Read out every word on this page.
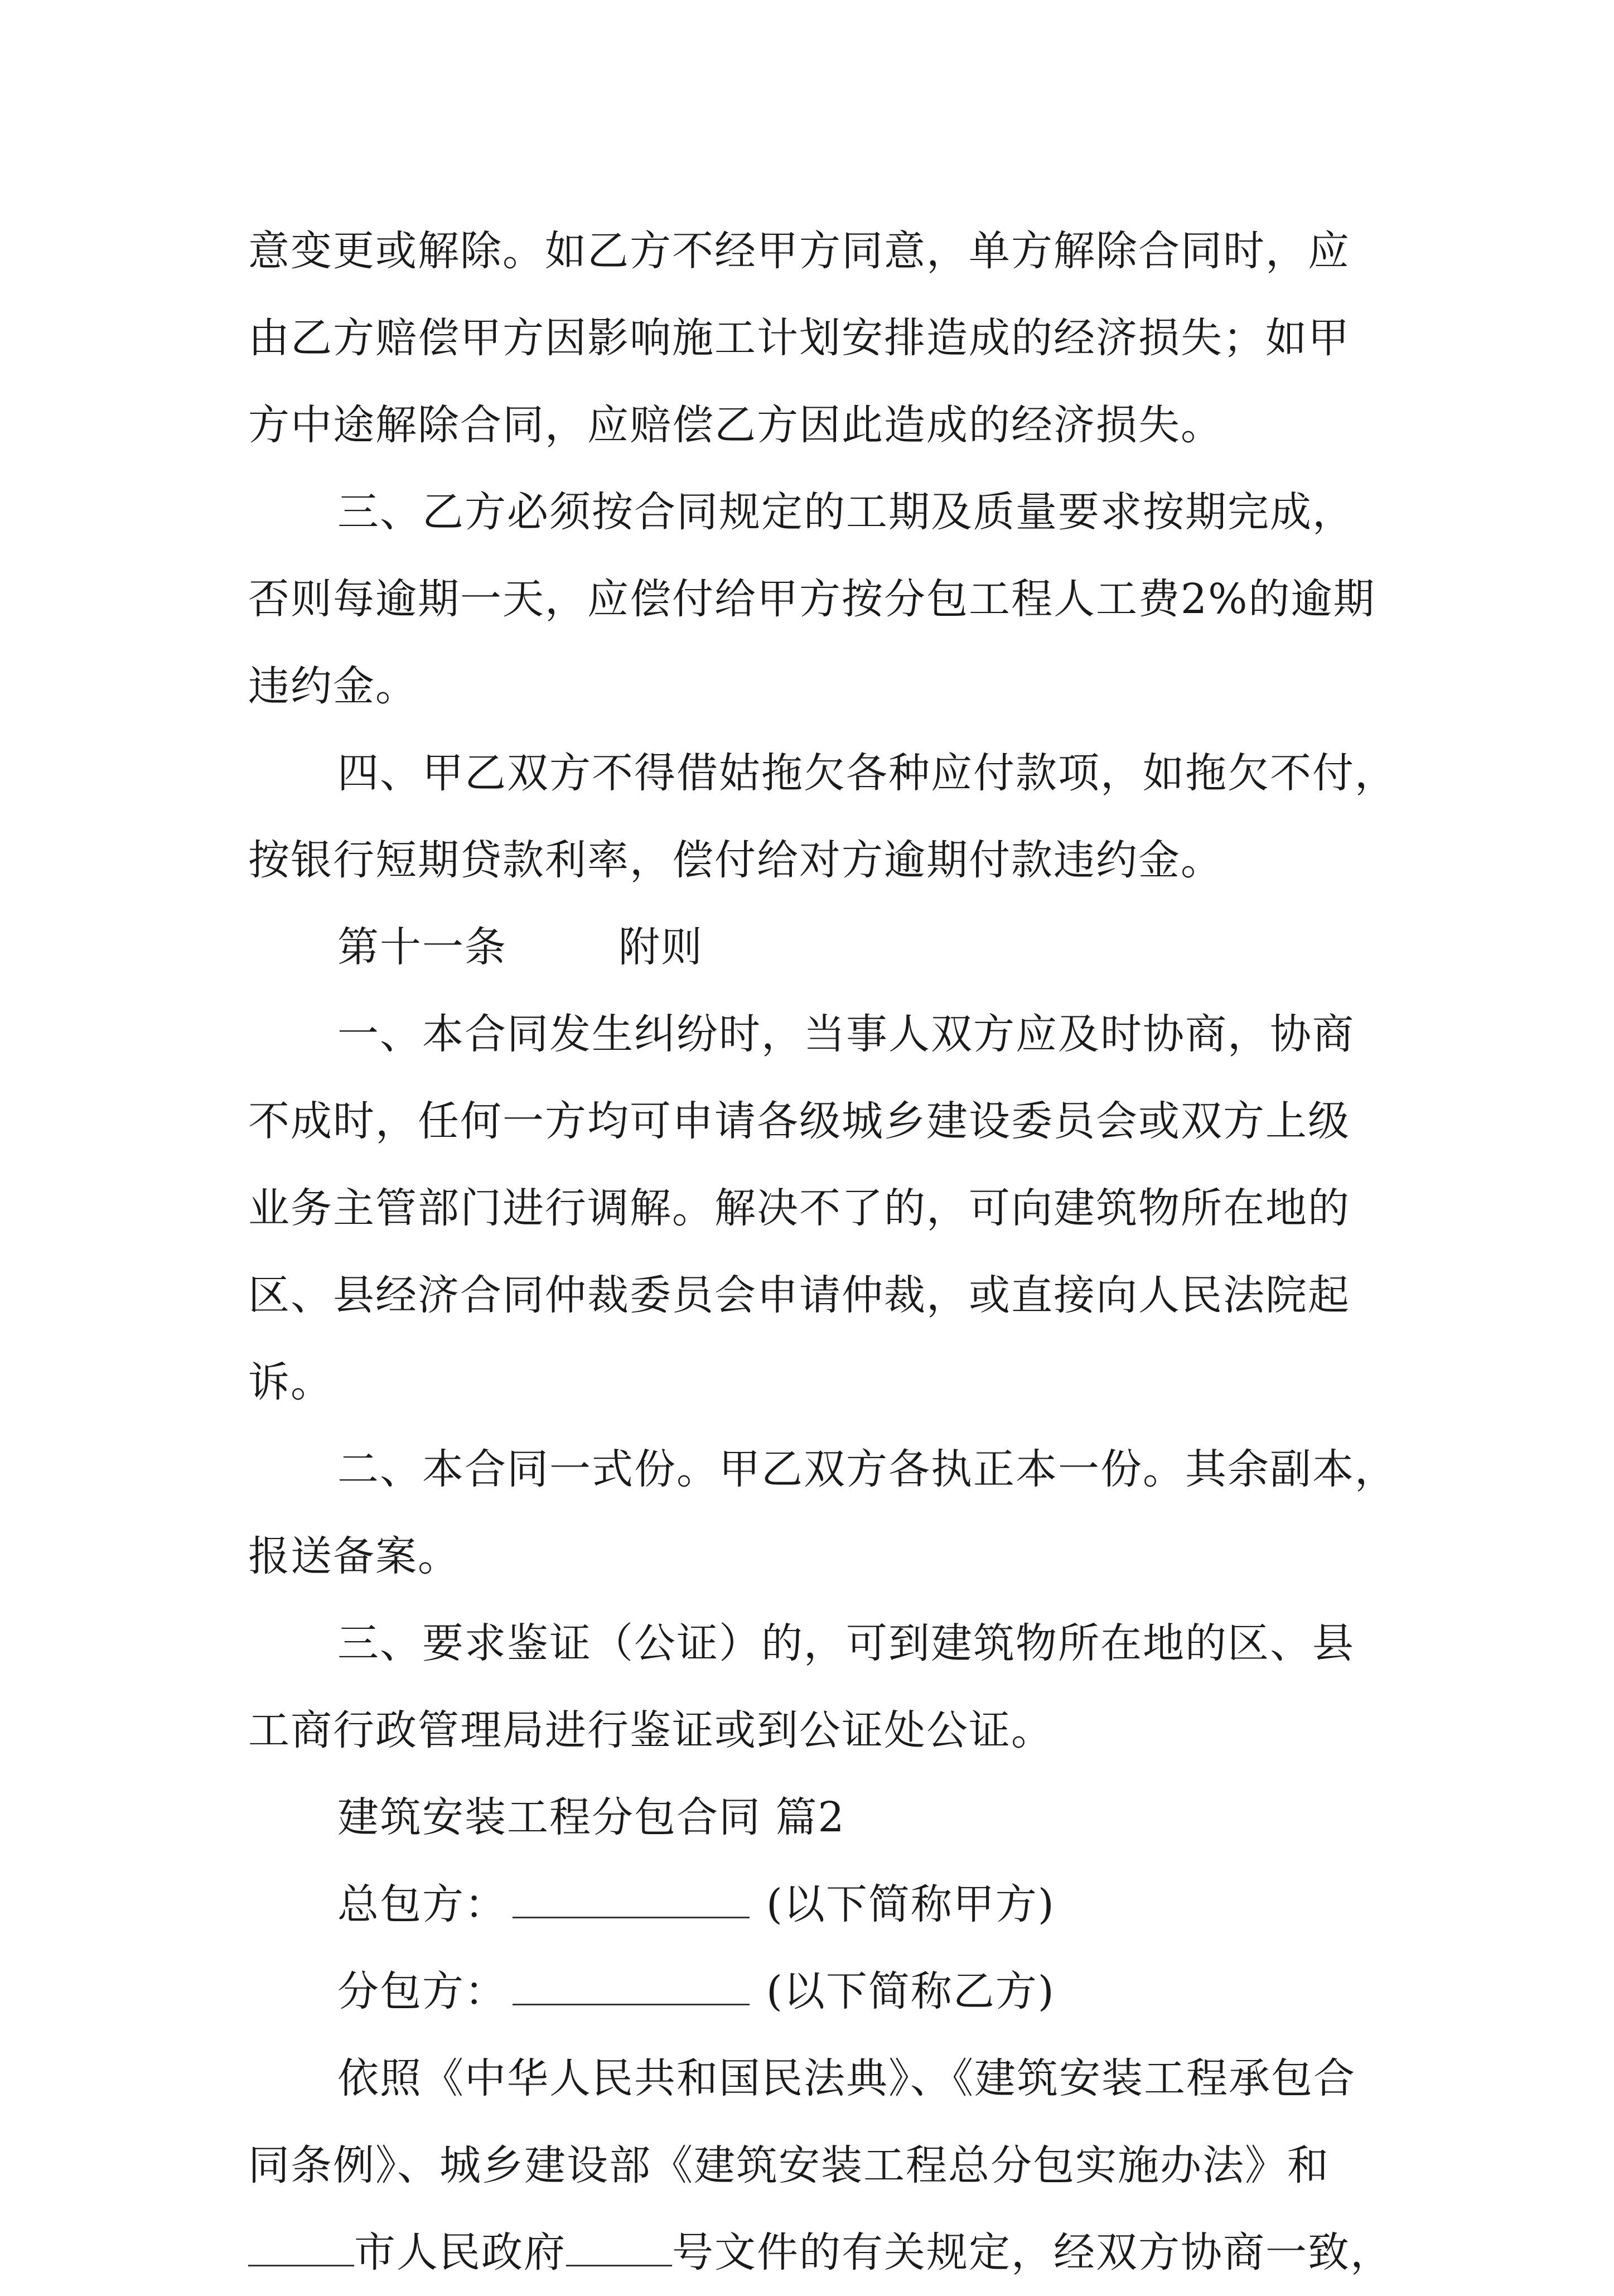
意变更或解除。如乙方不经甲方同意，单方解除合同时，应
由乙方赔偿甲方因影响施工计划安排造成的经济损失；如甲
方中途解除合同，应赔偿乙方因此造成的经济损失。
三、乙方必须按合同规定的工期及质量要求按期完成，
否则每逾期一天，应偿付给甲方按分包工程人工费2%的逾期
违约金。
四、甲乙双方不得借姑拖欠各种应付款项，如拖欠不付，
按银行短期贷款利率，偿付给对方逾期付款违约金。
第十一条	附则
一、本合同发生纠纷时，当事人双方应及时协商，协商
不成时，任何一方均可申请各级城乡建设委员会或双方上级
业务主管部门进行调解。解决不了的，可向建筑物所在地的
区、县经济合同仲裁委员会申请仲裁，或直接向人民法院起
诉。
二、本合同一式份。甲乙双方各执正本一份。其余副本，
报送备案。
三、要求鉴证（公证）的，可到建筑物所在地的区、县
工商行政管理局进行鉴证或到公证处公证。
建筑安装工程分包合同 篇2
总包方：	(以下简称甲方)
分包方：	(以下简称乙方)
依照《中华人民共和国民法典》、《建筑安装工程承包合
同条例》、城乡建设部《建筑安装工程总分包实施办法》和
市人民政府	号文件的有关规定，经双方协商一致，
